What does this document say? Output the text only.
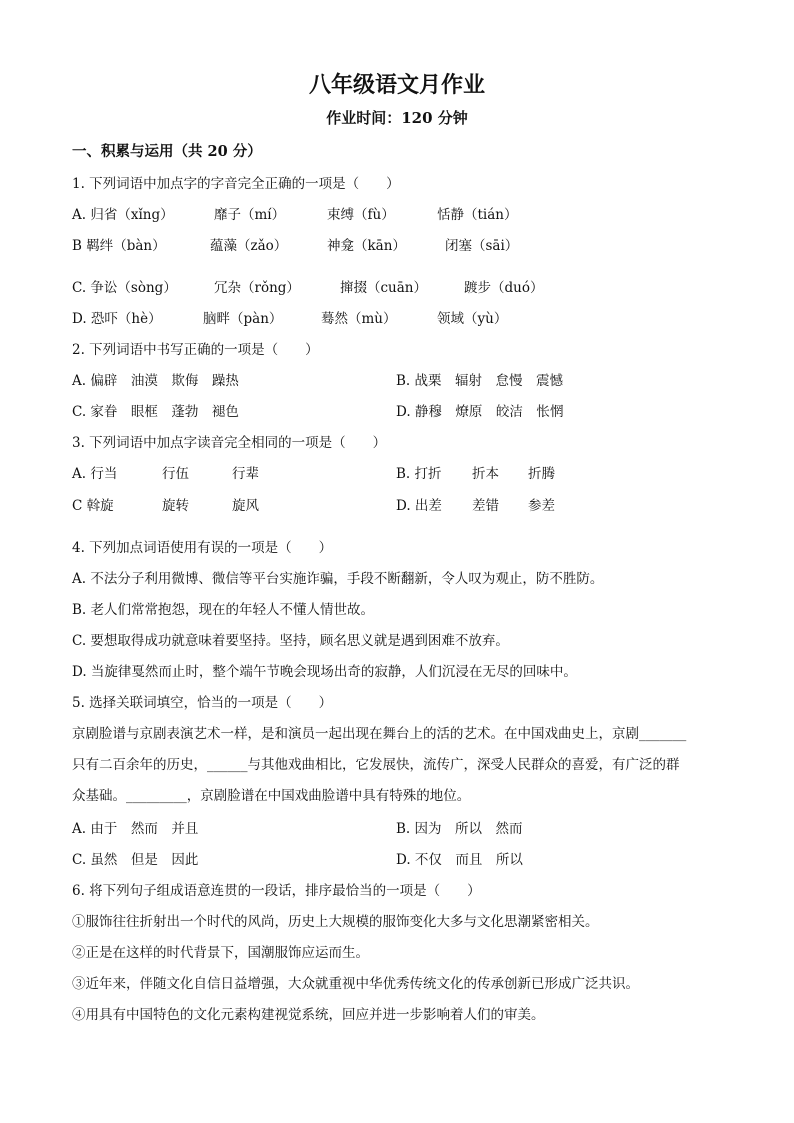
八年级语文月作业
作业时间：120 分钟
一、积累与运用（共 20 分）
1. 下列词语中加点字的字音完全正确的一项是（　　）
A. 归省（xǐng）	靡子（mí）	束缚（fù）	恬静（tián）
B 羁绊（bàn）	蕴藻（zǎo）	神龛（kān）	闭塞（sāi）
C. 争讼（sòng）	冗杂（rǒng）	撺掇（cuān）	踱步（duó）
D. 恐吓（hè）	脑畔（pàn）	蓦然（mù）	领域（yù）
2. 下列词语中书写正确的一项是（　　）
A. 偏辟　油漠　欺侮　躁热	B. 战栗　辐射　怠慢　震憾
C. 家眷　眼框　蓬勃　褪色	D. 静穆　燎原　皎洁　怅惘
3. 下列词语中加点字读音完全相同的一项是（　　）
A. 行当	行伍	行辈	B. 打折 折本 折腾
C 斡旋	旋转	旋风	D. 出差 差错 参差
4. 下列加点词语使用有误的一项是（　　）
A. 不法分子利用微博、微信等平台实施诈骗，手段不断翻新，令人叹为观止，防不胜防。
B. 老人们常常抱怨，现在的年轻人不懂人情世故。
C. 要想取得成功就意味着要坚持。坚持，顾名思义就是遇到困难不放弃。
D. 当旋律戛然而止时，整个端午节晚会现场出奇的寂静，人们沉浸在无尽的回味中。
5. 选择关联词填空，恰当的一项是（　　）
京剧脸谱与京剧表演艺术一样，是和演员一起出现在舞台上的活的艺术。在中国戏曲史上，京剧_______
只有二百余年的历史，______与其他戏曲相比，它发展快，流传广，深受人民群众的喜爱，有广泛的群
众基础。_________，京剧脸谱在中国戏曲脸谱中具有特殊的地位。
A. 由于　然而　并且	B. 因为　所以　然而
C. 虽然　但是　因此	D. 不仅　而且　所以
6. 将下列句子组成语意连贯的一段话，排序最恰当的一项是（　　）
①服饰往往折射出一个时代的风尚，历史上大规模的服饰变化大多与文化思潮紧密相关。
②正是在这样的时代背景下，国潮服饰应运而生。
③近年来，伴随文化自信日益增强，大众就重视中华优秀传统文化的传承创新已形成广泛共识。
④用具有中国特色的文化元素构建视觉系统，回应并进一步影响着人们的审美。
